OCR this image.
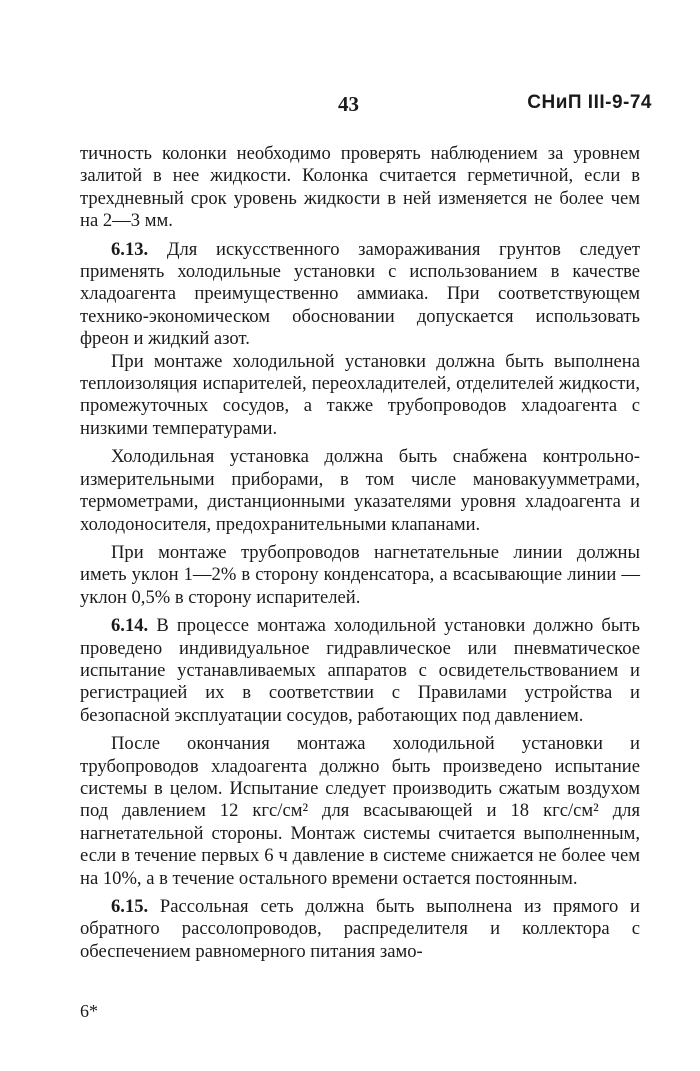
43	СНиП III-9-74

тичность колонки необходимо проверять наблюдением за уровнем залитой в нее жидкости. Колонка считается герметичной, если в трехдневный срок уровень жидкости в ней изменяется не более чем на 2—3 мм.

6.13. Для искусственного замораживания грунтов следует применять холодильные установки с использованием в качестве хладоагента преимущественно аммиака. При соответствующем технико-экономическом обосновании допускается использовать фреон и жидкий азот.

При монтаже холодильной установки должна быть выполнена теплоизоляция испарителей, переохладителей, отделителей жидкости, промежуточных сосудов, а также трубопроводов хладоагента с низкими температурами.

Холодильная установка должна быть снабжена контрольно-измерительными приборами, в том числе мановакуумметрами, термометрами, дистанционными указателями уровня хладоагента и холодоносителя, предохранительными клапанами.

При монтаже трубопроводов нагнетательные линии должны иметь уклон 1—2% в сторону конденсатора, а всасывающие линии — уклон 0,5% в сторону испарителей.

6.14. В процессе монтажа холодильной установки должно быть проведено индивидуальное гидравлическое или пневматическое испытание устанавливаемых аппаратов с освидетельствованием и регистрацией их в соответствии с Правилами устройства и безопасной эксплуатации сосудов, работающих под давлением.

После окончания монтажа холодильной установки и трубопроводов хладоагента должно быть произведено испытание системы в целом. Испытание следует производить сжатым воздухом под давлением 12 кгс/см² для всасывающей и 18 кгс/см² для нагнетательной стороны. Монтаж системы считается выполненным, если в течение первых 6 ч давление в системе снижается не более чем на 10%, а в течение остального времени остается постоянным.

6.15. Рассольная сеть должна быть выполнена из прямого и обратного рассолопроводов, распределителя и коллектора с обеспечением равномерного питания замо-

6*
